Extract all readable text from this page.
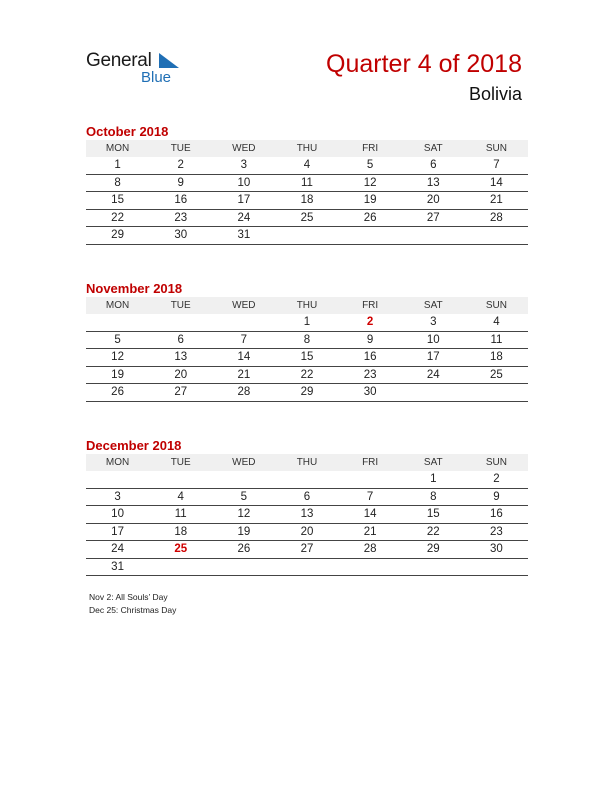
General
Blue	Quarter 4 of 2018
Bolivia
October 2018
MON	TUE	WED	THU	FRI	SAT	SUN
1	2	3	4	5	6	7
8	9	10	11	12	13	14
15	16	17	18	19	20	21
22	23	24	25	26	27	28
29	30	31				
November 2018
MON	TUE	WED	THU	FRI	SAT	SUN
			1	2	3	4
5	6	7	8	9	10	11
12	13	14	15	16	17	18
19	20	21	22	23	24	25
26	27	28	29	30		
December 2018
MON	TUE	WED	THU	FRI	SAT	SUN
					1	2
3	4	5	6	7	8	9
10	11	12	13	14	15	16
17	18	19	20	21	22	23
24	25	26	27	28	29	30
31						
Nov 2: All Souls’ Day
Dec 25: Christmas Day
